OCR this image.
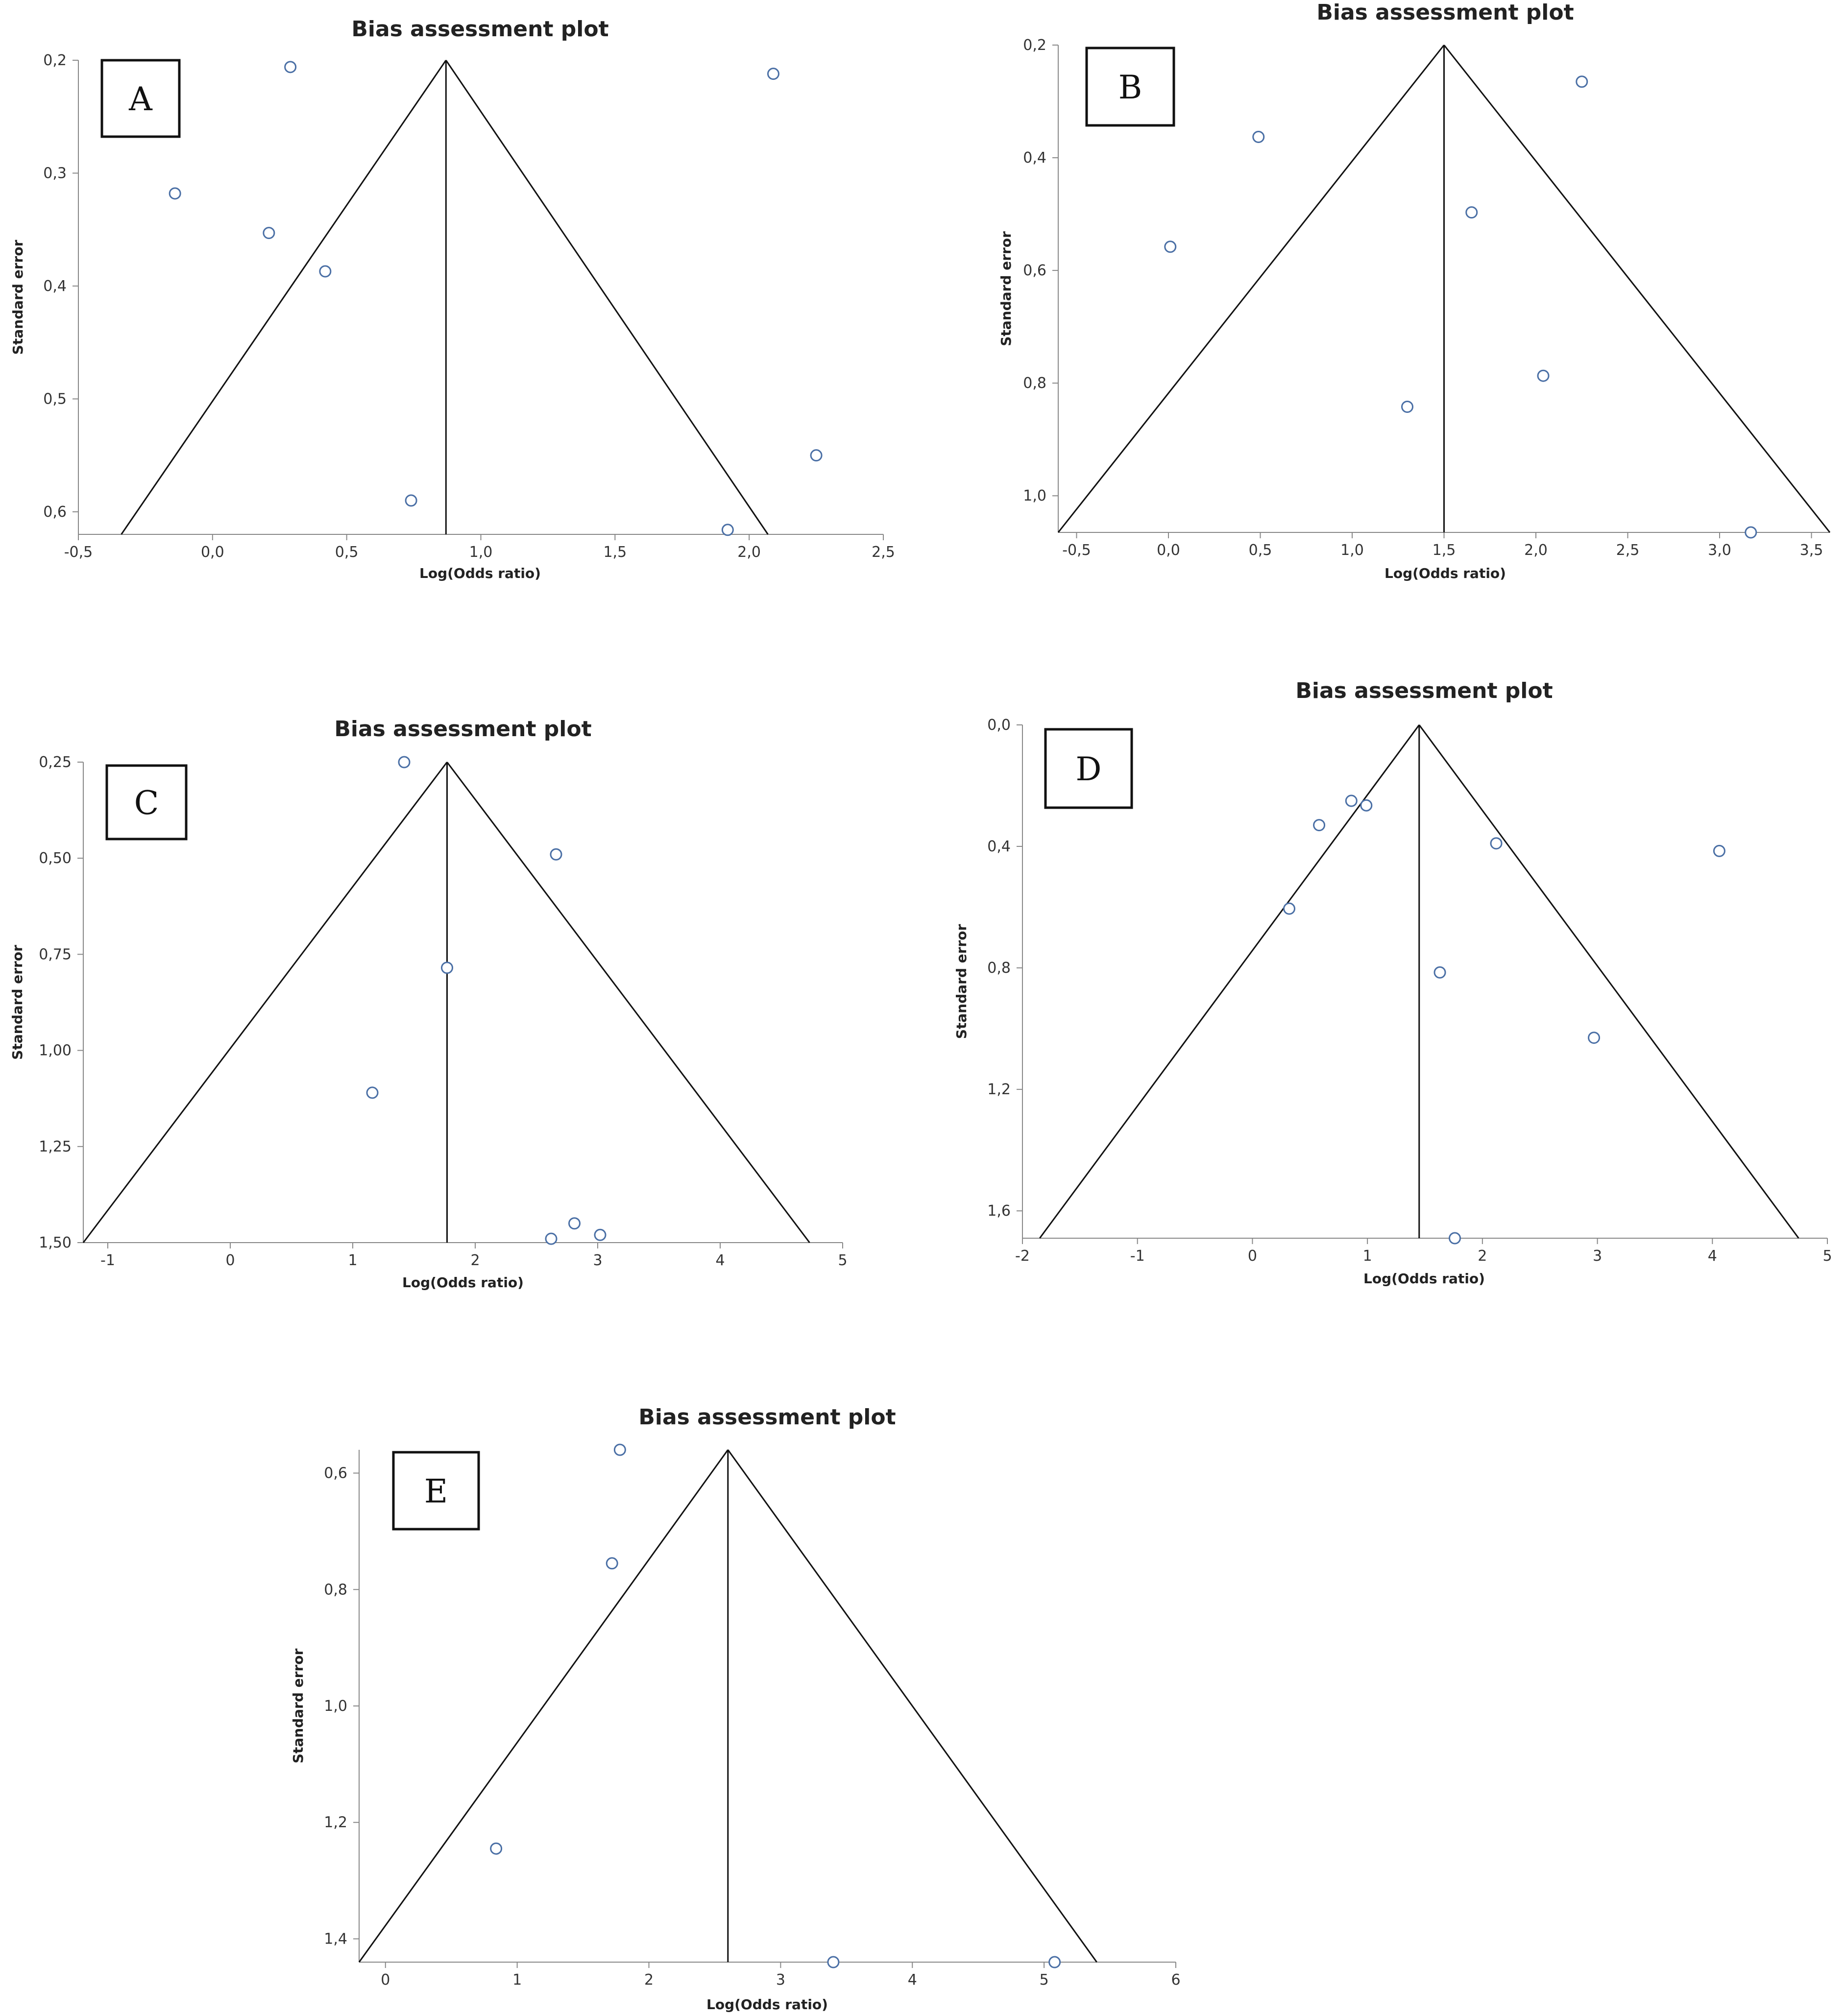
Bias assessment plot
-0,5	0,0	0,5	1,0	1,5	2,0	2,5
0,2
0,3
0,4
0,5
0,6
Log(Odds ratio)
Standard error
A
Bias assessment plot
-0,5	0,0	0,5	1,0	1,5	2,0	2,5	3,0	3,5
0,2
0,4
0,6
0,8
1,0
Log(Odds ratio)
Standard error
B
Bias assessment plot
-1	0	1	2	3	4	5
0,25
0,50
0,75
1,00
1,25
1,50
Log(Odds ratio)
Standard error
C
Bias assessment plot
-2	-1	0	1	2	3	4	5
0,0
0,4
0,8
1,2
1,6
Log(Odds ratio)
Standard error
D
Bias assessment plot
0	1	2	3	4	5	6
0,6
0,8
1,0
1,2
1,4
Log(Odds ratio)
Standard error
E
